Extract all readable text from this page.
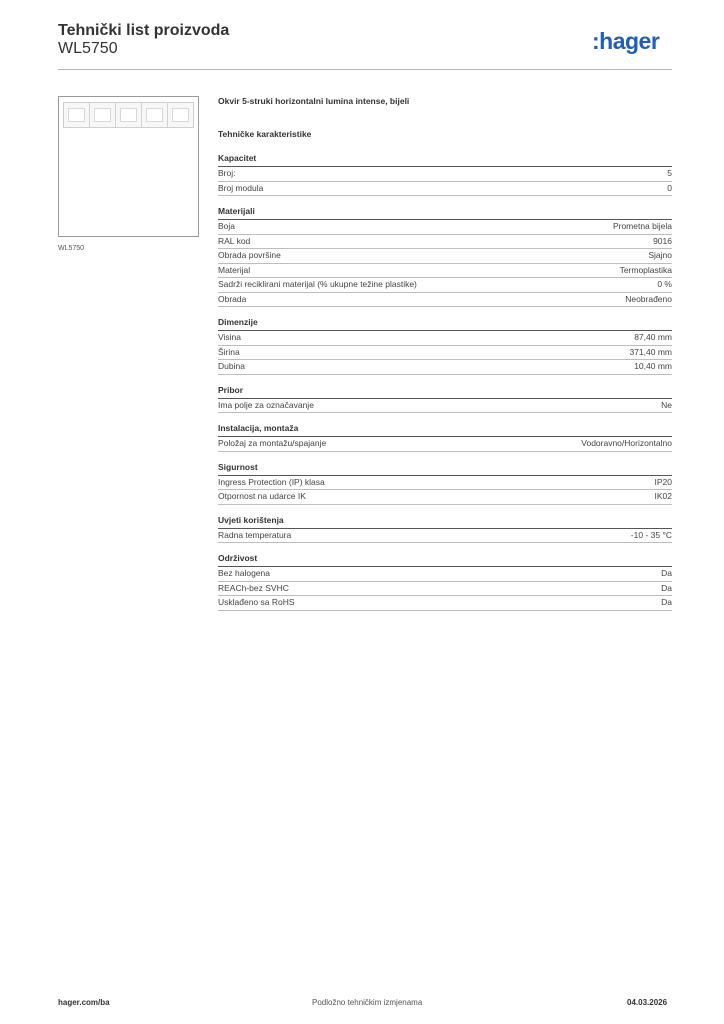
Tehnički list proizvoda
WL5750	:hager
WL5750
Okvir 5-struki horizontalni lumina intense, bijeli
Tehničke karakteristike
Kapacitet
Broj:	5
Broj modula	0
Materijali
Boja	Prometna bijela
RAL kod	9016
Obrada površine	Sjajno
Materijal	Termoplastika
Sadrži reciklirani materijal (% ukupne težine plastike)	0 %
Obrada	Neobrađeno
Dimenzije
Visina	87,40 mm
Širina	371,40 mm
Dubina	10,40 mm
Pribor
Ima polje za označavanje	Ne
Instalacija, montaža
Položaj za montažu/spajanje	Vodoravno/Horizontalno
Sigurnost
Ingress Protection (IP) klasa	IP20
Otpornost na udarce IK	IK02
Uvjeti korištenja
Radna temperatura	-10 - 35 °C
Održivost
Bez halogena	Da
REACh-bez SVHC	Da
Usklađeno sa RoHS	Da
hager.com/ba	Podložno tehničkim izmjenama	04.03.2026
